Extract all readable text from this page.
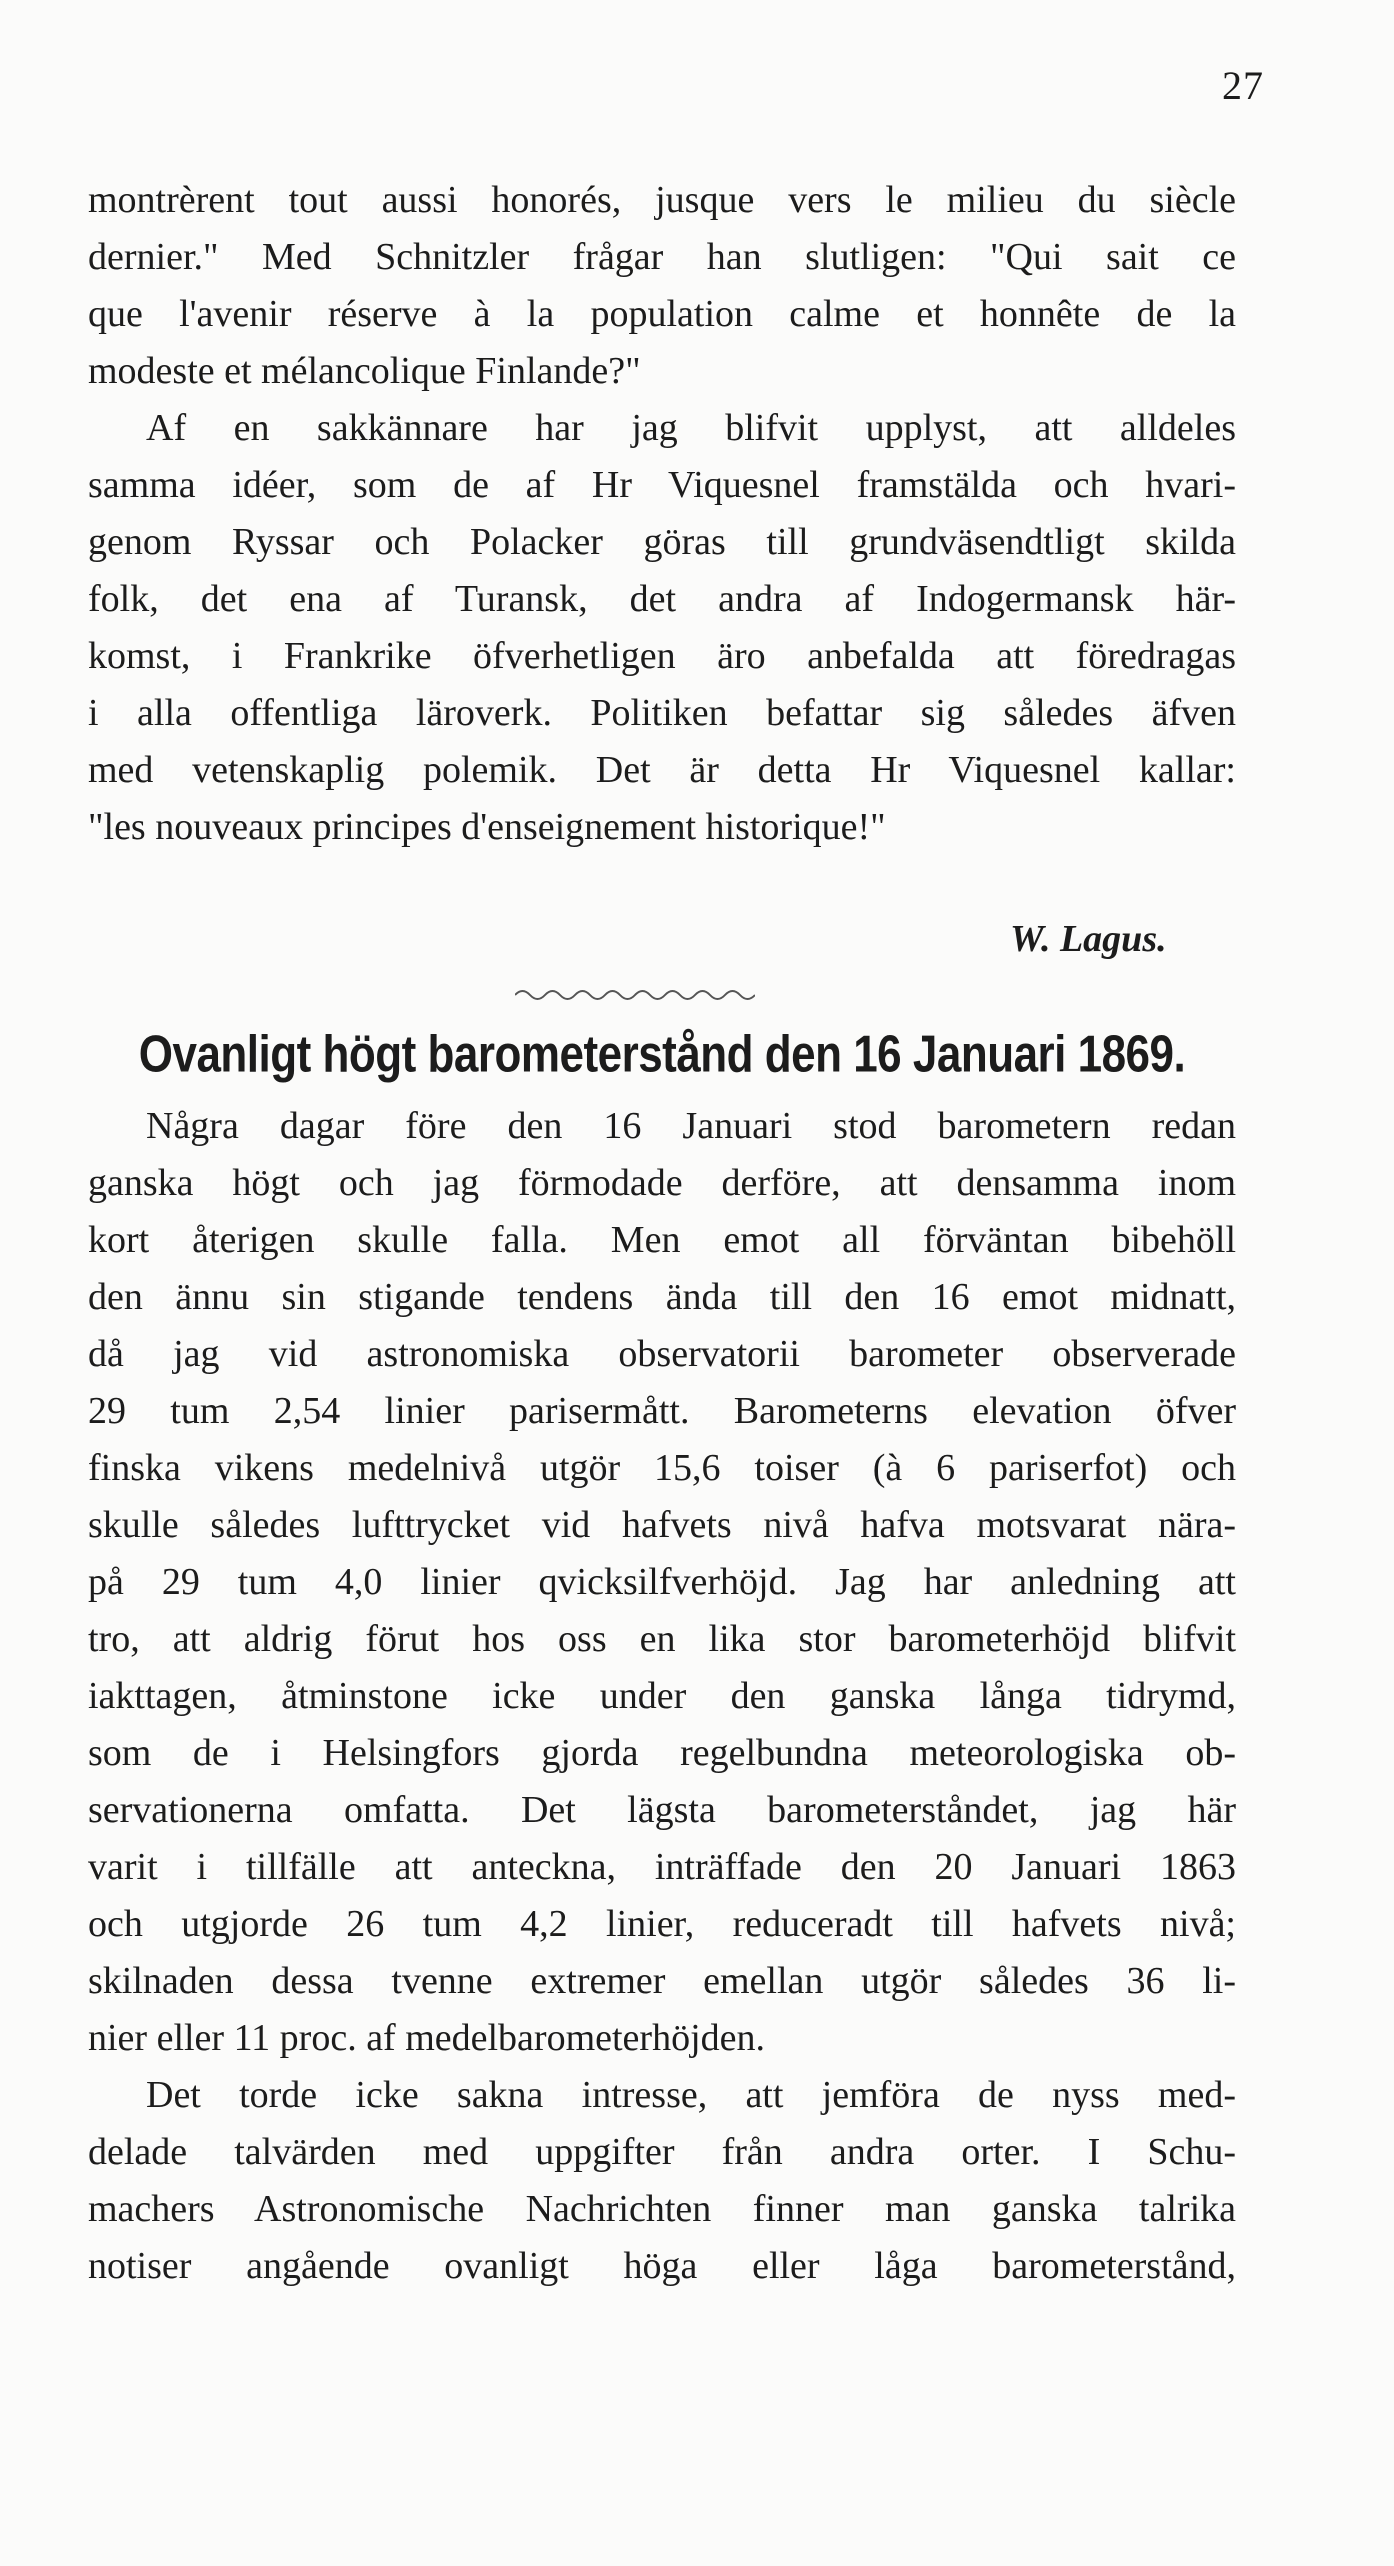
27
montrèrent tout aussi honorés, jusque vers le milieu du siècle
dernier." Med Schnitzler frågar han slutligen: "Qui sait ce
que l'avenir réserve à la population calme et honnête de la
modeste et mélancolique Finlande?"
Af en sakkännare har jag blifvit upplyst, att alldeles
samma idéer, som de af Hr Viquesnel framstälda och hvari-
genom Ryssar och Polacker göras till grundväsendtligt skilda
folk, det ena af Turansk, det andra af Indogermansk här-
komst, i Frankrike öfverhetligen äro anbefalda att föredragas
i alla offentliga läroverk. Politiken befattar sig således äfven
med vetenskaplig polemik. Det är detta Hr Viquesnel kallar:
"les nouveaux principes d'enseignement historique!"
W. Lagus.
Ovanligt högt barometerstånd den 16 Januari 1869.
Några dagar före den 16 Januari stod barometern redan
ganska högt och jag förmodade derföre, att densamma inom
kort återigen skulle falla. Men emot all förväntan bibehöll
den ännu sin stigande tendens ända till den 16 emot midnatt,
då jag vid astronomiska observatorii barometer observerade
29 tum 2,54 linier parisermått. Barometerns elevation öfver
finska vikens medelnivå utgör 15,6 toiser (à 6 pariserfot) och
skulle således lufttrycket vid hafvets nivå hafva motsvarat nära-
på 29 tum 4,0 linier qvicksilfverhöjd. Jag har anledning att
tro, att aldrig förut hos oss en lika stor barometerhöjd blifvit
iakttagen, åtminstone icke under den ganska långa tidrymd,
som de i Helsingfors gjorda regelbundna meteorologiska ob-
servationerna omfatta. Det lägsta barometerståndet, jag här
varit i tillfälle att anteckna, inträffade den 20 Januari 1863
och utgjorde 26 tum 4,2 linier, reduceradt till hafvets nivå;
skilnaden dessa tvenne extremer emellan utgör således 36 li-
nier eller 11 proc. af medelbarometerhöjden.
Det torde icke sakna intresse, att jemföra de nyss med-
delade talvärden med uppgifter från andra orter. I Schu-
machers Astronomische Nachrichten finner man ganska talrika
notiser angående ovanligt höga eller låga barometerstånd,
